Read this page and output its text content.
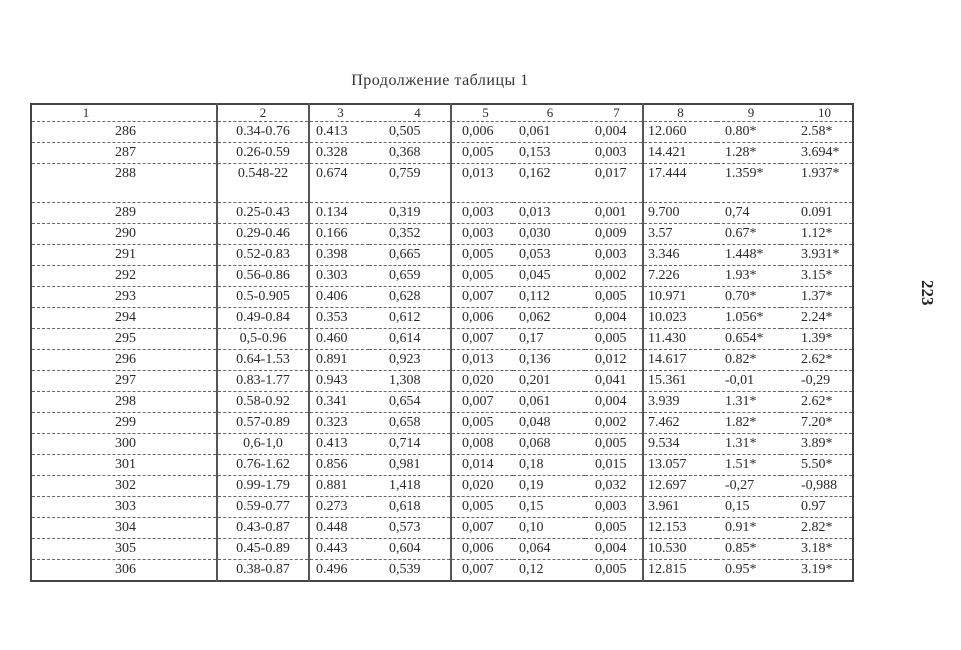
Продолжение таблицы 1
223
1	2	3	4	5	6	7	8	9	10
286	0.34-0.76	0.413	0,505	0,006	0,061	0,004	12.060	0.80*	2.58*
287	0.26-0.59	0.328	0,368	0,005	0,153	0,003	14.421	1.28*	3.694*
288	0.548-22	0.674	0,759	0,013	0,162	0,017	17.444	1.359*	1.937*
289	0.25-0.43	0.134	0,319	0,003	0,013	0,001	9.700	0,74	0.091
290	0.29-0.46	0.166	0,352	0,003	0,030	0,009	3.57	0.67*	1.12*
291	0.52-0.83	0.398	0,665	0,005	0,053	0,003	3.346	1.448*	3.931*
292	0.56-0.86	0.303	0,659	0,005	0,045	0,002	7.226	1.93*	3.15*
293	0.5-0.905	0.406	0,628	0,007	0,112	0,005	10.971	0.70*	1.37*
294	0.49-0.84	0.353	0,612	0,006	0,062	0,004	10.023	1.056*	2.24*
295	0,5-0.96	0.460	0,614	0,007	0,17	0,005	11.430	0.654*	1.39*
296	0.64-1.53	0.891	0,923	0,013	0,136	0,012	14.617	0.82*	2.62*
297	0.83-1.77	0.943	1,308	0,020	0,201	0,041	15.361	-0,01	-0,29
298	0.58-0.92	0.341	0,654	0,007	0,061	0,004	3.939	1.31*	2.62*
299	0.57-0.89	0.323	0,658	0,005	0,048	0,002	7.462	1.82*	7.20*
300	0,6-1,0	0.413	0,714	0,008	0,068	0,005	9.534	1.31*	3.89*
301	0.76-1.62	0.856	0,981	0,014	0,18	0,015	13.057	1.51*	5.50*
302	0.99-1.79	0.881	1,418	0,020	0,19	0,032	12.697	-0,27	-0,988
303	0.59-0.77	0.273	0,618	0,005	0,15	0,003	3.961	0,15	0.97
304	0.43-0.87	0.448	0,573	0,007	0,10	0,005	12.153	0.91*	2.82*
305	0.45-0.89	0.443	0,604	0,006	0,064	0,004	10.530	0.85*	3.18*
306	0.38-0.87	0.496	0,539	0,007	0,12	0,005	12.815	0.95*	3.19*
